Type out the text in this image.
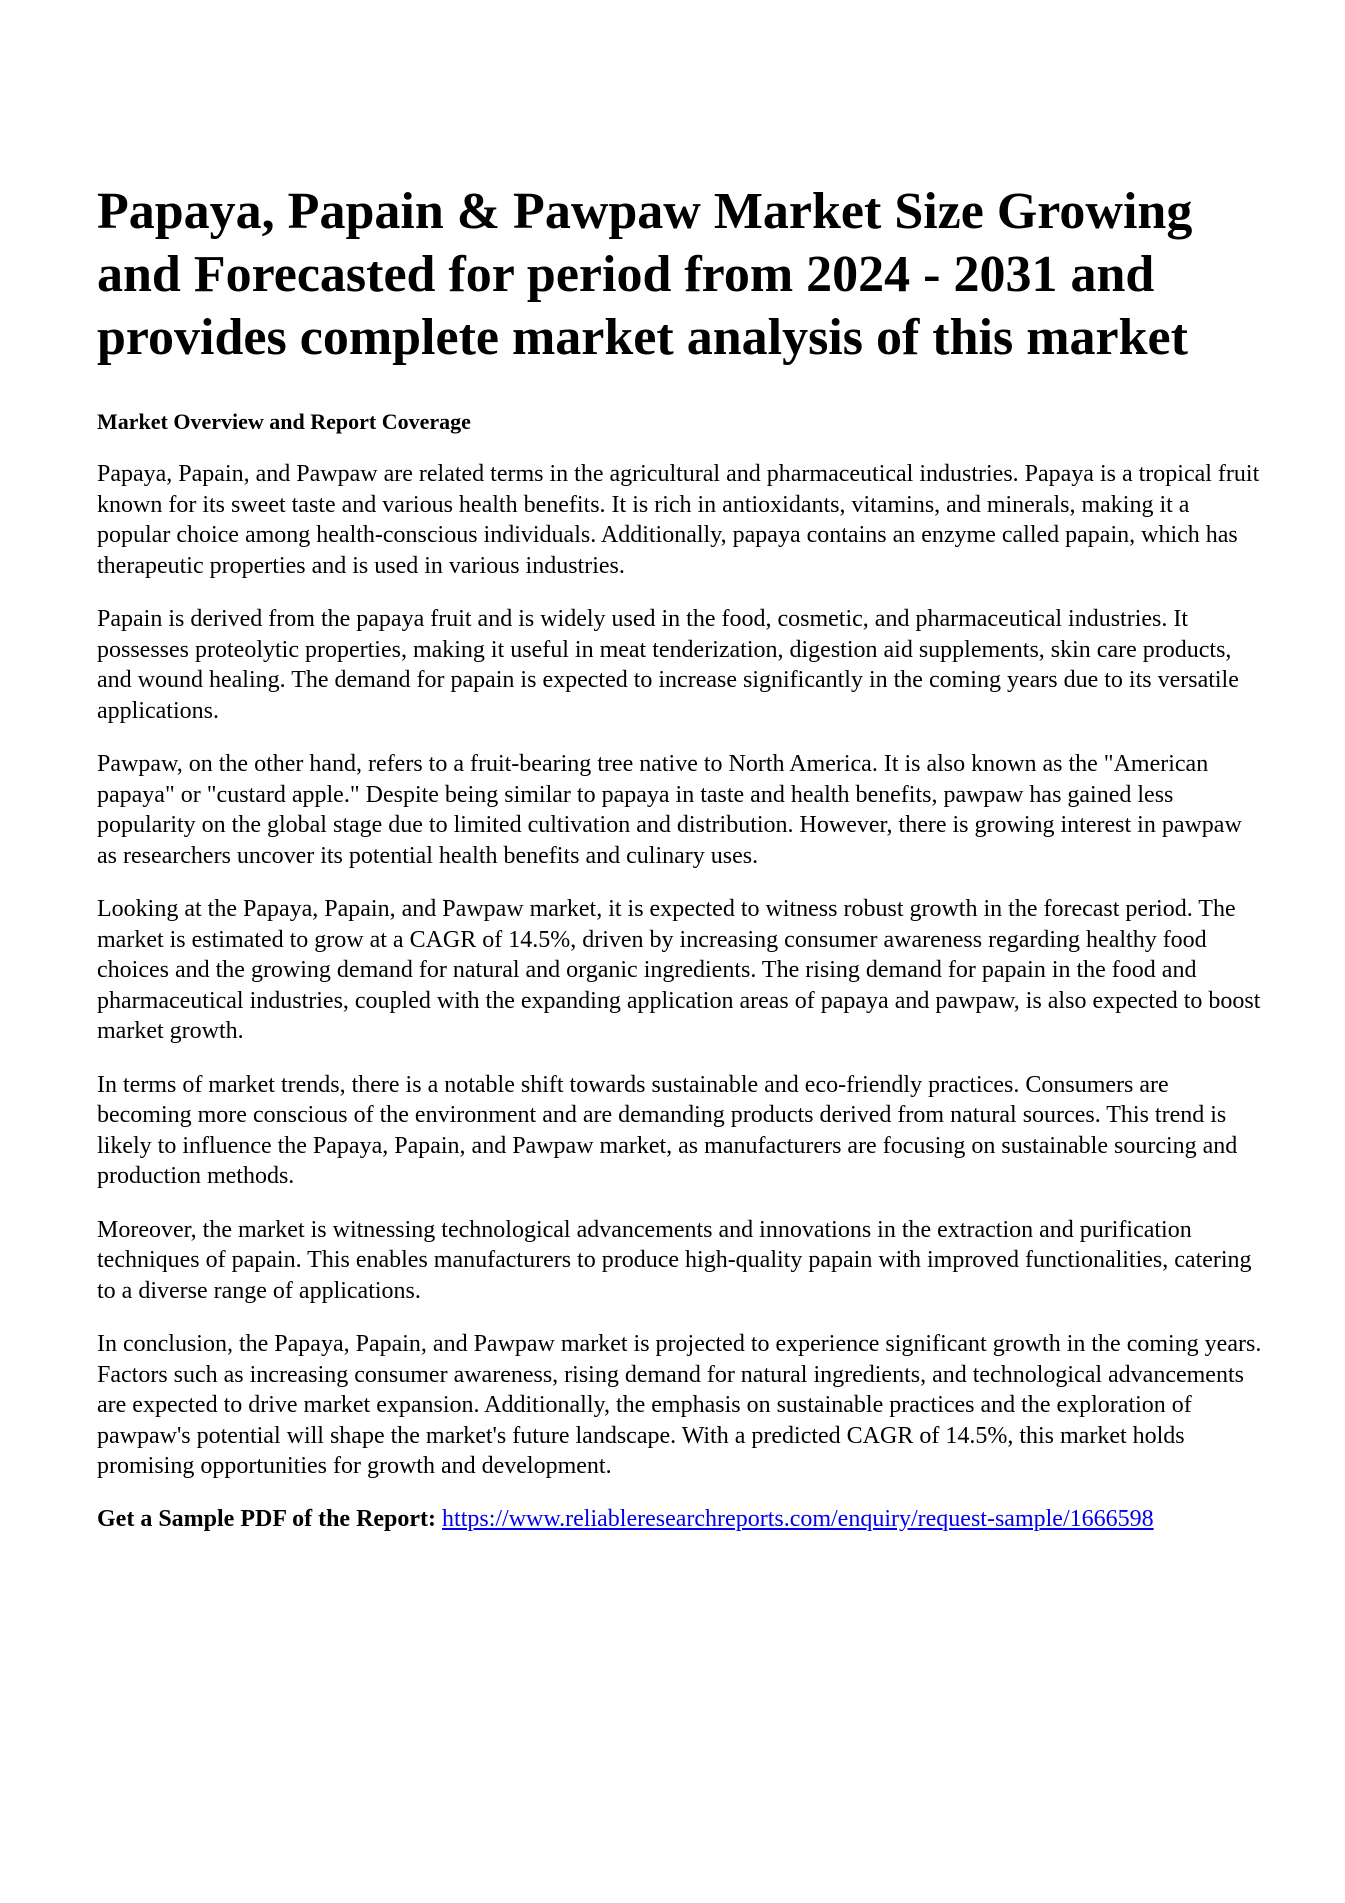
Papaya, Papain & Pawpaw Market Size Growing and Forecasted for period from 2024 - 2031 and provides complete market analysis of this market
Market Overview and Report Coverage

Papaya, Papain, and Pawpaw are related terms in the agricultural and pharmaceutical industries. Papaya is a tropical fruit known for its sweet taste and various health benefits. It is rich in antioxidants, vitamins, and minerals, making it a popular choice among health-conscious individuals. Additionally, papaya contains an enzyme called papain, which has therapeutic properties and is used in various industries.

Papain is derived from the papaya fruit and is widely used in the food, cosmetic, and pharmaceutical industries. It possesses proteolytic properties, making it useful in meat tenderization, digestion aid supplements, skin care products, and wound healing. The demand for papain is expected to increase significantly in the coming years due to its versatile applications.

Pawpaw, on the other hand, refers to a fruit-bearing tree native to North America. It is also known as the "American papaya" or "custard apple." Despite being similar to papaya in taste and health benefits, pawpaw has gained less popularity on the global stage due to limited cultivation and distribution. However, there is growing interest in pawpaw as researchers uncover its potential health benefits and culinary uses.

Looking at the Papaya, Papain, and Pawpaw market, it is expected to witness robust growth in the forecast period. The market is estimated to grow at a CAGR of 14.5%, driven by increasing consumer awareness regarding healthy food choices and the growing demand for natural and organic ingredients. The rising demand for papain in the food and pharmaceutical industries, coupled with the expanding application areas of papaya and pawpaw, is also expected to boost market growth.

In terms of market trends, there is a notable shift towards sustainable and eco-friendly practices. Consumers are becoming more conscious of the environment and are demanding products derived from natural sources. This trend is likely to influence the Papaya, Papain, and Pawpaw market, as manufacturers are focusing on sustainable sourcing and production methods.

Moreover, the market is witnessing technological advancements and innovations in the extraction and purification techniques of papain. This enables manufacturers to produce high-quality papain with improved functionalities, catering to a diverse range of applications.

In conclusion, the Papaya, Papain, and Pawpaw market is projected to experience significant growth in the coming years. Factors such as increasing consumer awareness, rising demand for natural ingredients, and technological advancements are expected to drive market expansion. Additionally, the emphasis on sustainable practices and the exploration of pawpaw's potential will shape the market's future landscape. With a predicted CAGR of 14.5%, this market holds promising opportunities for growth and development.

Get a Sample PDF of the Report: https://www.reliableresearchreports.com/enquiry/request-sample/1666598
